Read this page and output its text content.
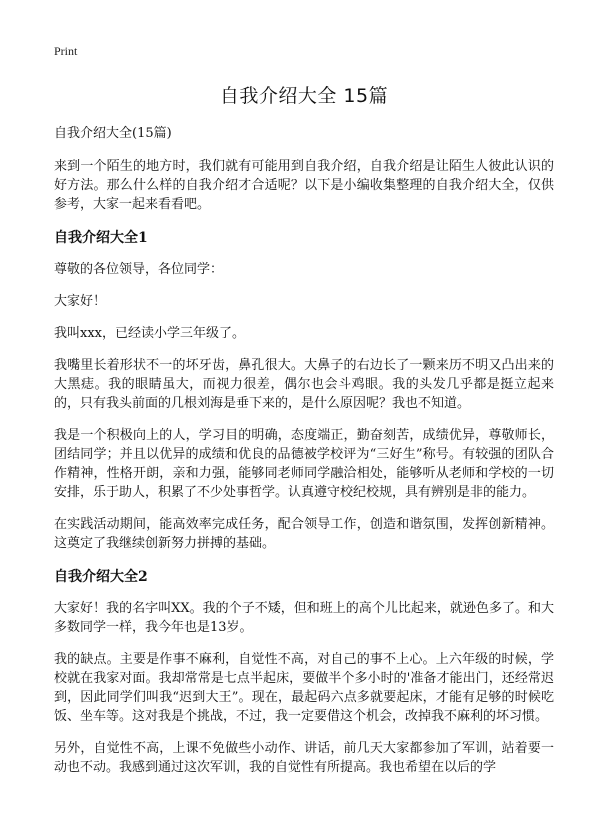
Print
自我介绍大全 15篇
自我介绍大全(15篇)

来到一个陌生的地方时，我们就有可能用到自我介绍，自我介绍是让陌生人彼此认识的好方法。那么什么样的自我介绍才合适呢？以下是小编收集整理的自我介绍大全，仅供参考，大家一起来看看吧。

自我介绍大全1

尊敬的各位领导，各位同学：

大家好！

我叫xxx，已经读小学三年级了。

我嘴里长着形状不一的坏牙齿，鼻孔很大。大鼻子的右边长了一颗来历不明又凸出来的大黑痣。我的眼睛虽大，而视力很差，偶尔也会斗鸡眼。我的头发几乎都是挺立起来的，只有我头前面的几根刘海是垂下来的，是什么原因呢？我也不知道。

我是一个积极向上的人，学习目的明确，态度端正，勤奋刻苦，成绩优异，尊敬师长，团结同学；并且以优异的成绩和优良的品德被学校评为“三好生”称号。有较强的团队合作精神，性格开朗，亲和力强，能够同老师同学融洽相处，能够听从老师和学校的一切安排，乐于助人，积累了不少处事哲学。认真遵守校纪校规，具有辨别是非的能力。

在实践活动期间，能高效率完成任务，配合领导工作，创造和谐氛围，发挥创新精神。这奠定了我继续创新努力拼搏的基础。

自我介绍大全2

大家好！我的名字叫XX。我的个子不矮，但和班上的高个儿比起来，就逊色多了。和大多数同学一样，我今年也是13岁。

我的缺点。主要是作事不麻利，自觉性不高，对自己的事不上心。上六年级的时候，学校就在我家对面。我却常常是七点半起床，要做半个多小时的'准备才能出门，还经常迟到，因此同学们叫我“迟到大王”。现在，最起码六点多就要起床，才能有足够的时候吃饭、坐车等。这对我是个挑战，不过，我一定要借这个机会，改掉我不麻利的坏习惯。

另外，自觉性不高，上课不免做些小动作、讲话，前几天大家都参加了军训，站着要一动也不动。我感到通过这次军训，我的自觉性有所提高。我也希望在以后的学
